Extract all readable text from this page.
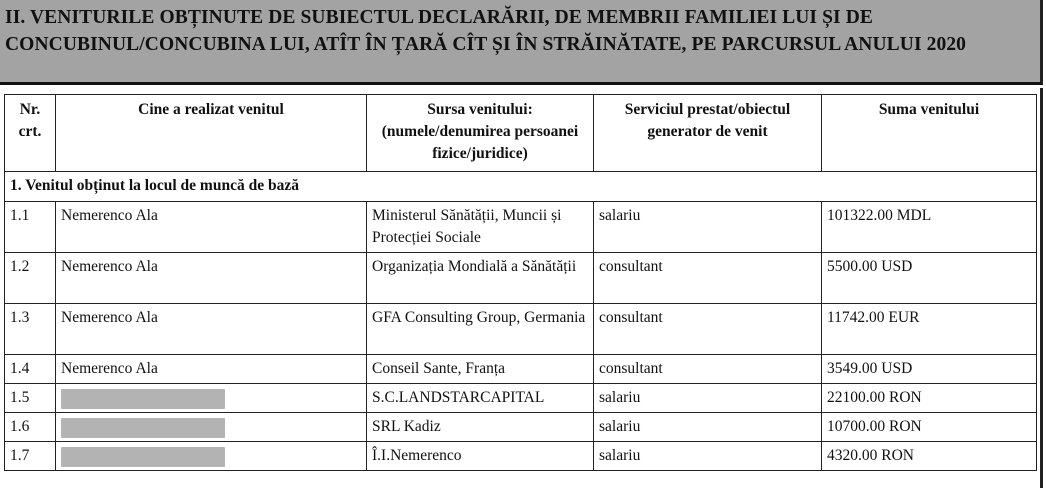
II. VENITURILE OBȚINUTE DE SUBIECTUL DECLARĂRII, DE MEMBRII FAMILIEI LUI ȘI DE CONCUBINUL/CONCUBINA LUI, ATÎT ÎN ȚARĂ CÎT ȘI ÎN STRĂINĂTATE, PE PARCURSUL ANULUI 2020
Nr. crt.	Cine a realizat venitul	Sursa venitului: (numele/denumirea persoanei fizice/juridice)	Serviciul prestat/obiectul generator de venit	Suma venitului
1. Venitul obținut la locul de muncă de bază				
1.1	Nemerenco Ala	Ministerul Sănătății, Muncii și Protecției Sociale	salariu	101322.00 MDL
1.2	Nemerenco Ala	Organizația Mondială a Sănătății	consultant	5500.00 USD
1.3	Nemerenco Ala	GFA Consulting Group, Germania	consultant	11742.00 EUR
1.4	Nemerenco Ala	Conseil Sante, Franța	consultant	3549.00 USD
1.5		S.C.LANDSTARCAPITAL	salariu	22100.00 RON
1.6		SRL Kadiz	salariu	10700.00 RON
1.7		Î.I.Nemerenco	salariu	4320.00 RON
